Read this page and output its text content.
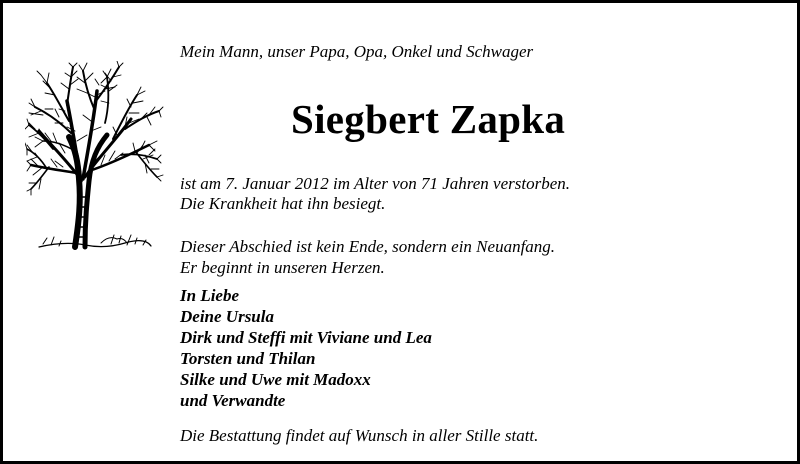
Mein Mann, unser Papa, Opa, Onkel und Schwager
Siegbert Zapka
ist am 7. Januar 2012 im Alter von 71 Jahren verstorben.
Die Krankheit hat ihn besiegt.
Dieser Abschied ist kein Ende, sondern ein Neuanfang.
Er beginnt in unseren Herzen.
In Liebe
Deine Ursula
Dirk und Steffi mit Viviane und Lea
Torsten und Thilan
Silke und Uwe mit Madoxx
und Verwandte
Die Bestattung findet auf Wunsch in aller Stille statt.
